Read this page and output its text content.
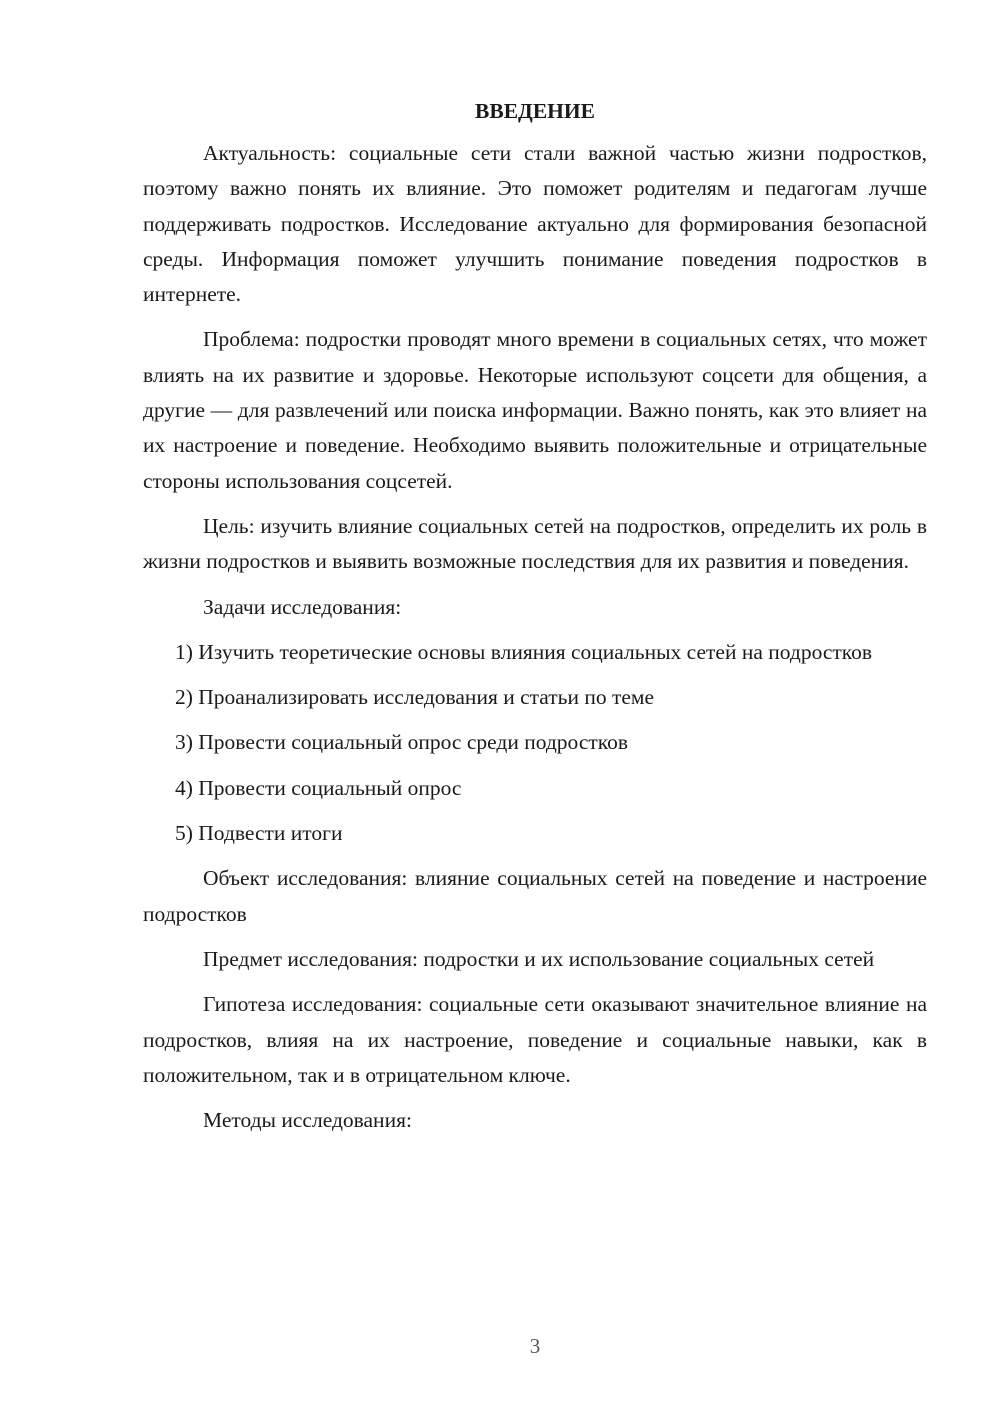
ВВЕДЕНИЕ

Актуальность: социальные сети стали важной частью жизни подростков, поэтому важно понять их влияние. Это поможет родителям и педагогам лучше поддерживать подростков. Исследование актуально для формирования безопасной среды. Информация поможет улучшить понимание поведения подростков в интернете.

Проблема: подростки проводят много времени в социальных сетях, что может влиять на их развитие и здоровье. Некоторые используют соцсети для общения, а другие — для развлечений или поиска информации. Важно понять, как это влияет на их настроение и поведение. Необходимо выявить положительные и отрицательные стороны использования соцсетей.

Цель: изучить влияние социальных сетей на подростков, определить их роль в жизни подростков и выявить возможные последствия для их развития и поведения.

Задачи исследования:

1) Изучить теоретические основы влияния социальных сетей на подростков

2) Проанализировать исследования и статьи по теме

3) Провести социальный опрос среди подростков

4) Провести социальный опрос

5) Подвести итоги

Объект исследования: влияние социальных сетей на поведение и настроение подростков

Предмет исследования: подростки и их использование социальных сетей

Гипотеза исследования: социальные сети оказывают значительное влияние на подростков, влияя на их настроение, поведение и социальные навыки, как в положительном, так и в отрицательном ключе.

Методы исследования:

3
